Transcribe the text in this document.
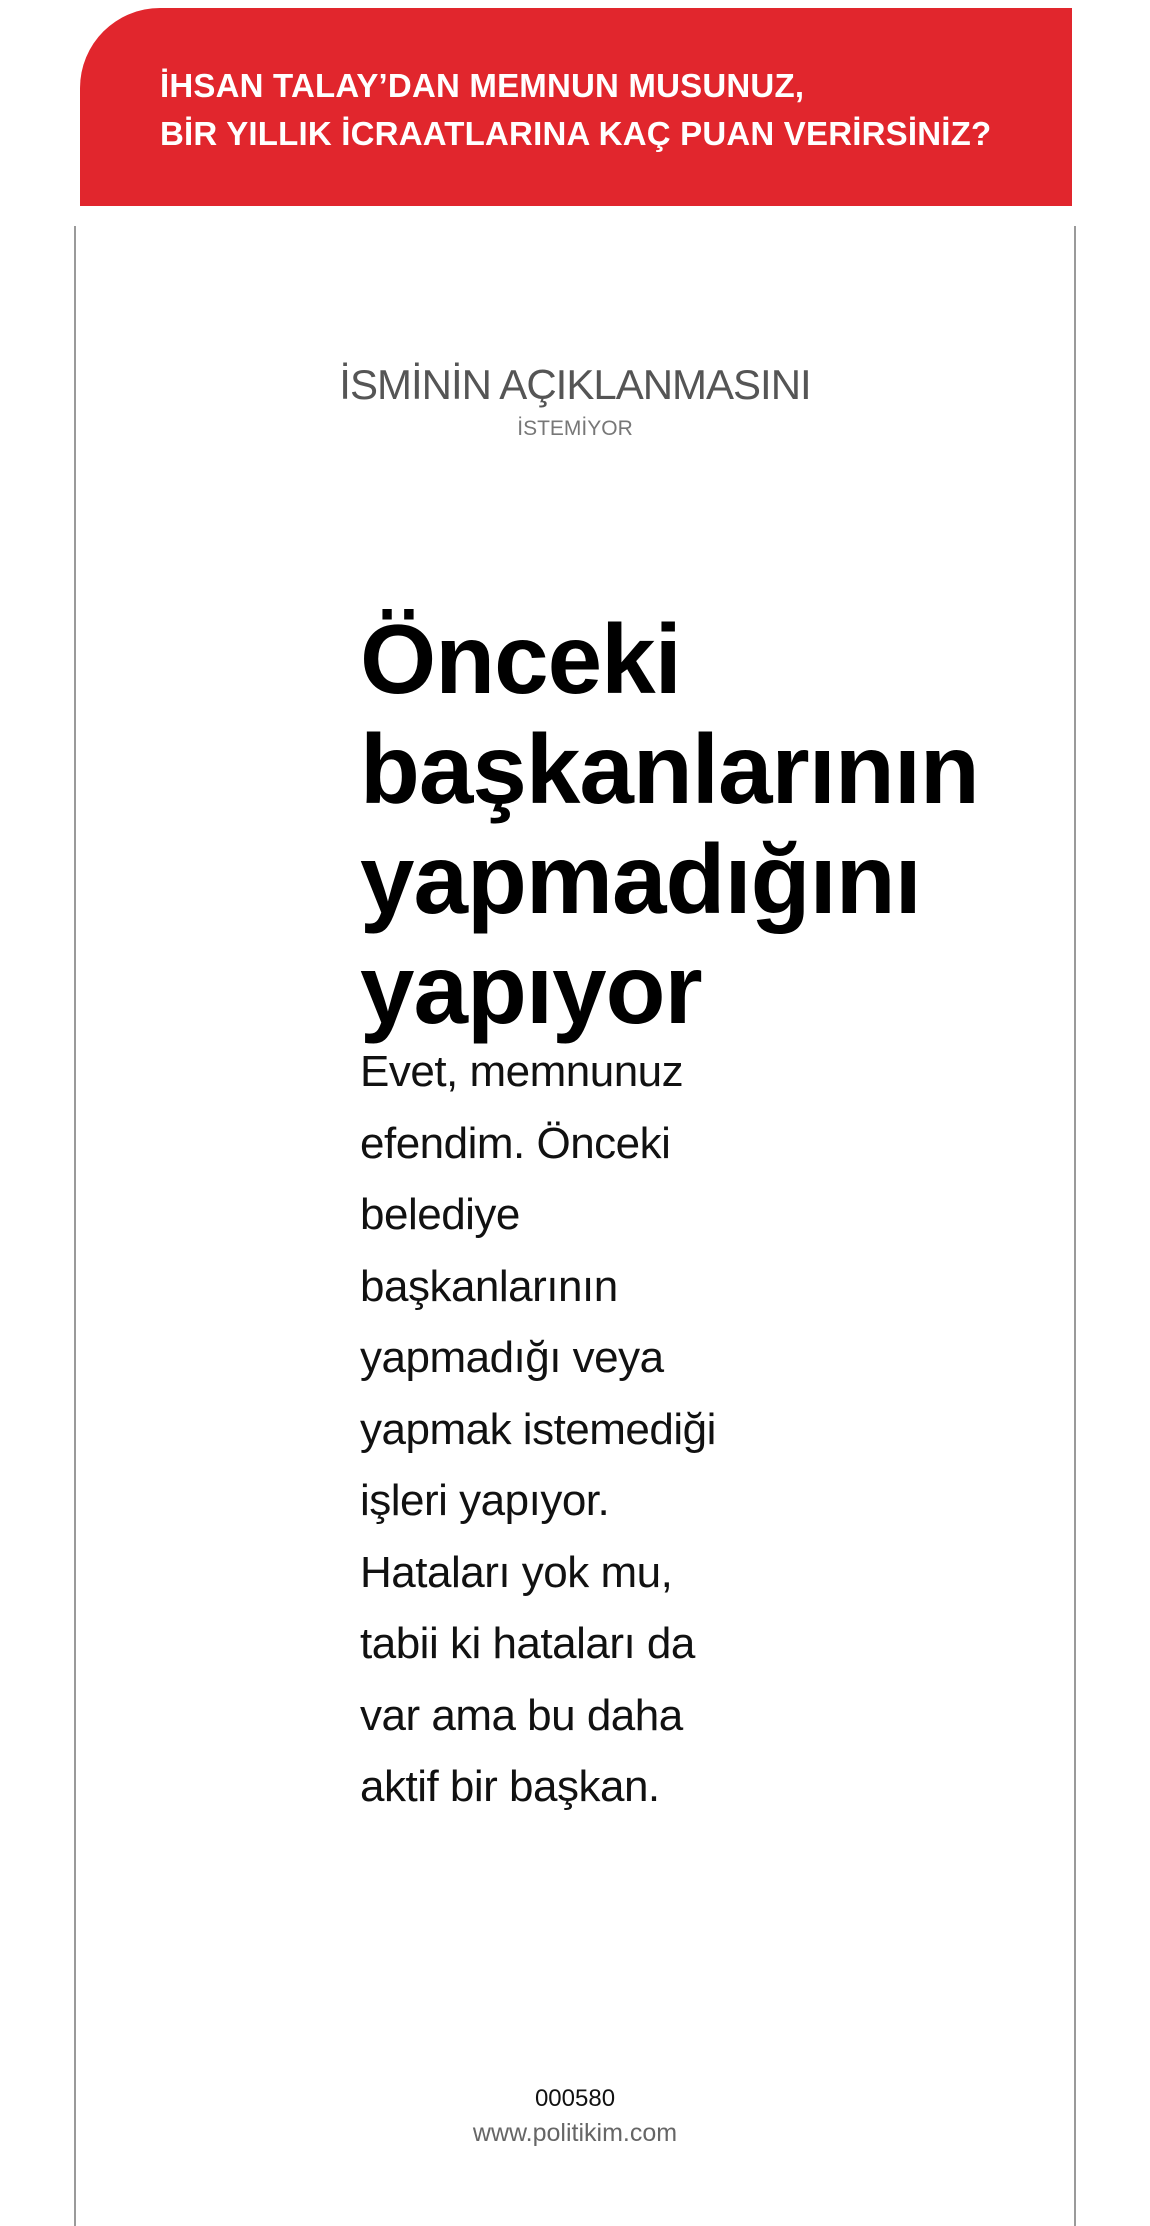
İHSAN TALAY’DAN MEMNUN MUSUNUZ,
BİR YILLIK İCRAATLARINA KAÇ PUAN VERİRSİNİZ?
İSMİNİN AÇIKLANMASINI
İSTEMİYOR
Önceki
başkanlarının
yapmadığını
yapıyor
Evet, memnunuz
efendim. Önceki
belediye
başkanlarının
yapmadığı veya
yapmak istemediği
işleri yapıyor.
Hataları yok mu,
tabii ki hataları da
var ama bu daha
aktif bir başkan.
000580
www.politikim.com
